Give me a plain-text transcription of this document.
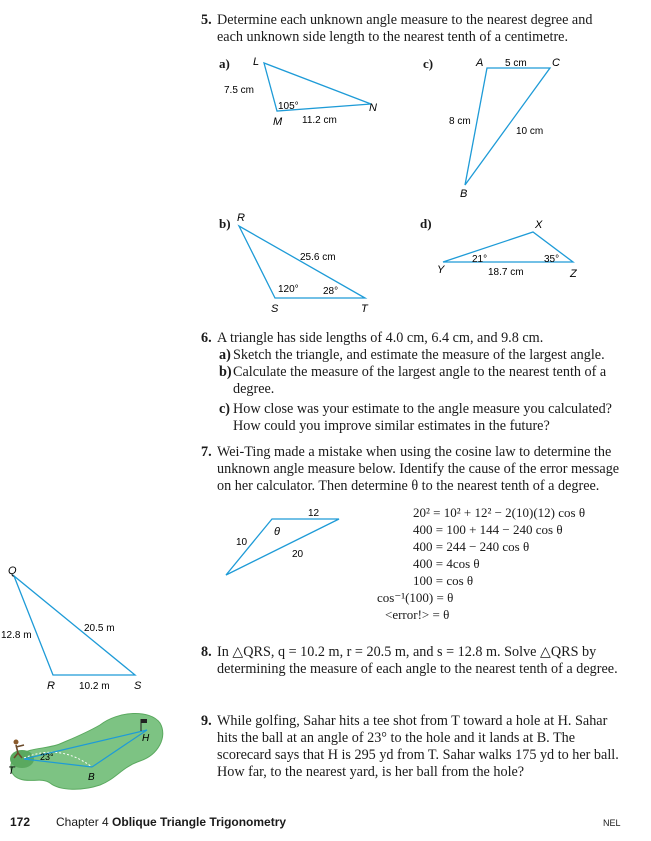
5. Determine each unknown angle measure to the nearest degree and each unknown side length to the nearest tenth of a centimetre.
a) L
M
N
7.5 cm
105°
11.2 cm
c)	A	C
B
5 cm
8 cm
10 cm
b) R
S	T
25.6 cm
120° 28°
d)	X
Y	Z
21°	35°
18.7 cm
6. A triangle has side lengths of 4.0 cm, 6.4 cm, and 9.8 cm.
a) Sketch the triangle, and estimate the measure of the largest angle.
b) Calculate the measure of the largest angle to the nearest tenth of a degree.
c) How close was your estimate to the angle measure you calculated? How could you improve similar estimates in the future?
7. Wei-Ting made a mistake when using the cosine law to determine the unknown angle measure below. Identify the cause of the error message on her calculator. Then determine θ to the nearest tenth of a degree.
θ
12
10
20
20² = 10² + 12² − 2(10)(12) cos θ
400 = 100 + 144 − 240 cos θ
400 = 244 − 240 cos θ
400 = 4cos θ
100 = cos θ
cos⁻¹(100) = θ
<error!> = θ
Q
R	S
12.8 m
20.5 m
10.2 m
8. In △QRS, q = 10.2 m, r = 20.5 m, and s = 12.8 m. Solve △QRS by determining the measure of each angle to the nearest tenth of a degree.
T
H
B
23°
9. While golfing, Sahar hits a tee shot from T toward a hole at H. Sahar hits the ball at an angle of 23° to the hole and it lands at B. The scorecard says that H is 295 yd from T. Sahar walks 175 yd to her ball. How far, to the nearest yard, is her ball from the hole?
172 Chapter 4 Oblique Triangle Trigonometry	NEL
